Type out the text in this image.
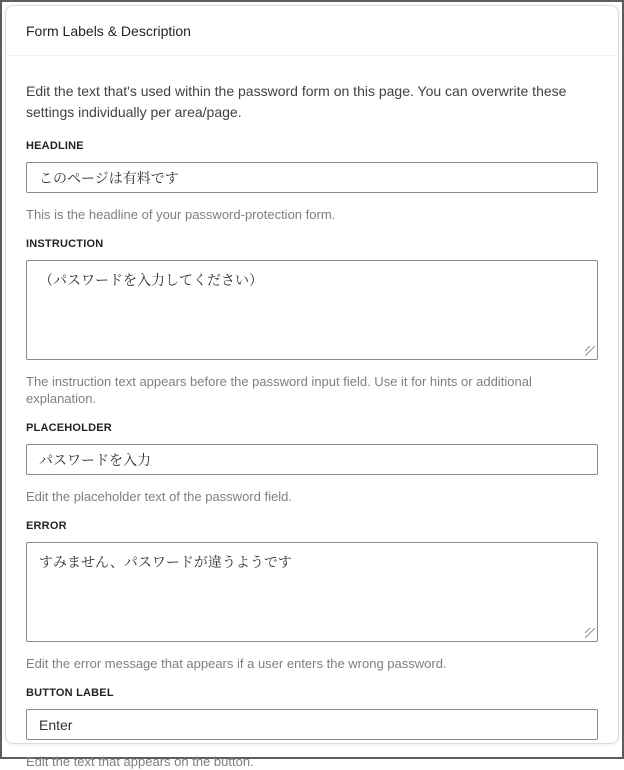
Form Labels & Description

Edit the text that's used within the password form on this page. You can overwrite these settings individually per area/page.

HEADLINE
このページは有料です

This is the headline of your password-protection form.

INSTRUCTION
（パスワードを入力してください）

The instruction text appears before the password input field. Use it for hints or additional explanation.

PLACEHOLDER
パスワードを入力

Edit the placeholder text of the password field.

ERROR
すみません、パスワードが違うようです

Edit the error message that appears if a user enters the wrong password.

BUTTON LABEL
Enter

Edit the text that appears on the button.
